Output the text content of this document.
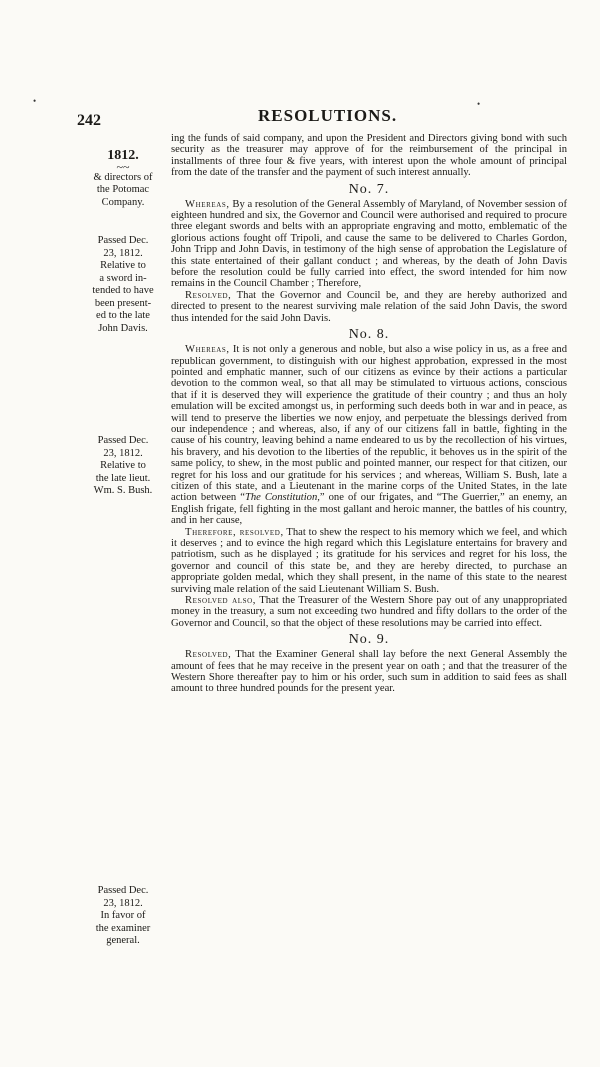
•	•
242	RESOLUTIONS.
1812.
~~
& directors of
the Potomac
Company.
Passed Dec.
23, 1812.
Relative to
a sword in-
tended to have
been present-
ed to the late
John Davis.
Passed Dec.
23, 1812.
Relative to
the late lieut.
Wm. S. Bush.
Passed Dec.
23, 1812.
In favor of
the examiner
general.

ing the funds of said company, and upon the President and Directors giving bond with such security as the treasurer may approve of for the reimbursement of the principal in installments of three four & five years, with interest upon the whole amount of principal from the date of the transfer and the payment of such interest annually.

No. 7.

Whereas, By a resolution of the General Assembly of Maryland, of November session of eighteen hundred and six, the Governor and Council were authorised and required to procure three elegant swords and belts with an appropriate engraving and motto, emblematic of the glorious actions fought off Tripoli, and cause the same to be delivered to Charles Gordon, John Tripp and John Davis, in testimony of the high sense of approbation the Legislature of this state entertained of their gallant conduct ; and whereas, by the death of John Davis before the resolution could be fully carried into effect, the sword intended for him now remains in the Council Chamber ; Therefore,

Resolved, That the Governor and Council be, and they are hereby authorized and directed to present to the nearest surviving male relation of the said John Davis, the sword thus intended for the said John Davis.

No. 8.

Whereas, It is not only a generous and noble, but also a wise policy in us, as a free and republican government, to distinguish with our highest approbation, expressed in the most pointed and emphatic manner, such of our citizens as evince by their actions a particular devotion to the common weal, so that all may be stimulated to virtuous actions, conscious that if it is deserved they will experience the gratitude of their country ; and thus an holy emulation will be excited amongst us, in performing such deeds both in war and in peace, as will tend to preserve the liberties we now enjoy, and perpetuate the blessings derived from our independence ; and whereas, also, if any of our citizens fall in battle, fighting in the cause of his country, leaving behind a name endeared to us by the recollection of his virtues, his bravery, and his devotion to the liberties of the republic, it behoves us in the spirit of the same policy, to shew, in the most public and pointed manner, our respect for that citizen, our regret for his loss and our gratitude for his services ; and whereas, William S. Bush, late a citizen of this state, and a Lieutenant in the marine corps of the United States, in the late action between “The Constitution,” one of our frigates, and “The Guerrier,” an enemy, an English frigate, fell fighting in the most gallant and heroic manner, the battles of his country, and in her cause,

Therefore, resolved, That to shew the respect to his memory which we feel, and which it deserves ; and to evince the high regard which this Legislature entertains for bravery and patriotism, such as he displayed ; its gratitude for his services and regret for his loss, the governor and council of this state be, and they are hereby directed, to purchase an appropriate golden medal, which they shall present, in the name of this state to the nearest surviving male relation of the said Lieutenant William S. Bush.

Resolved also, That the Treasurer of the Western Shore pay out of any unappropriated money in the treasury, a sum not exceeding two hundred and fifty dollars to the order of the Governor and Council, so that the object of these resolutions may be carried into effect.

No. 9.

Resolved, That the Examiner General shall lay before the next General Assembly the amount of fees that he may receive in the present year on oath ; and that the treasurer of the Western Shore thereafter pay to him or his order, such sum in addition to said fees as shall amount to three hundred pounds for the present year.
